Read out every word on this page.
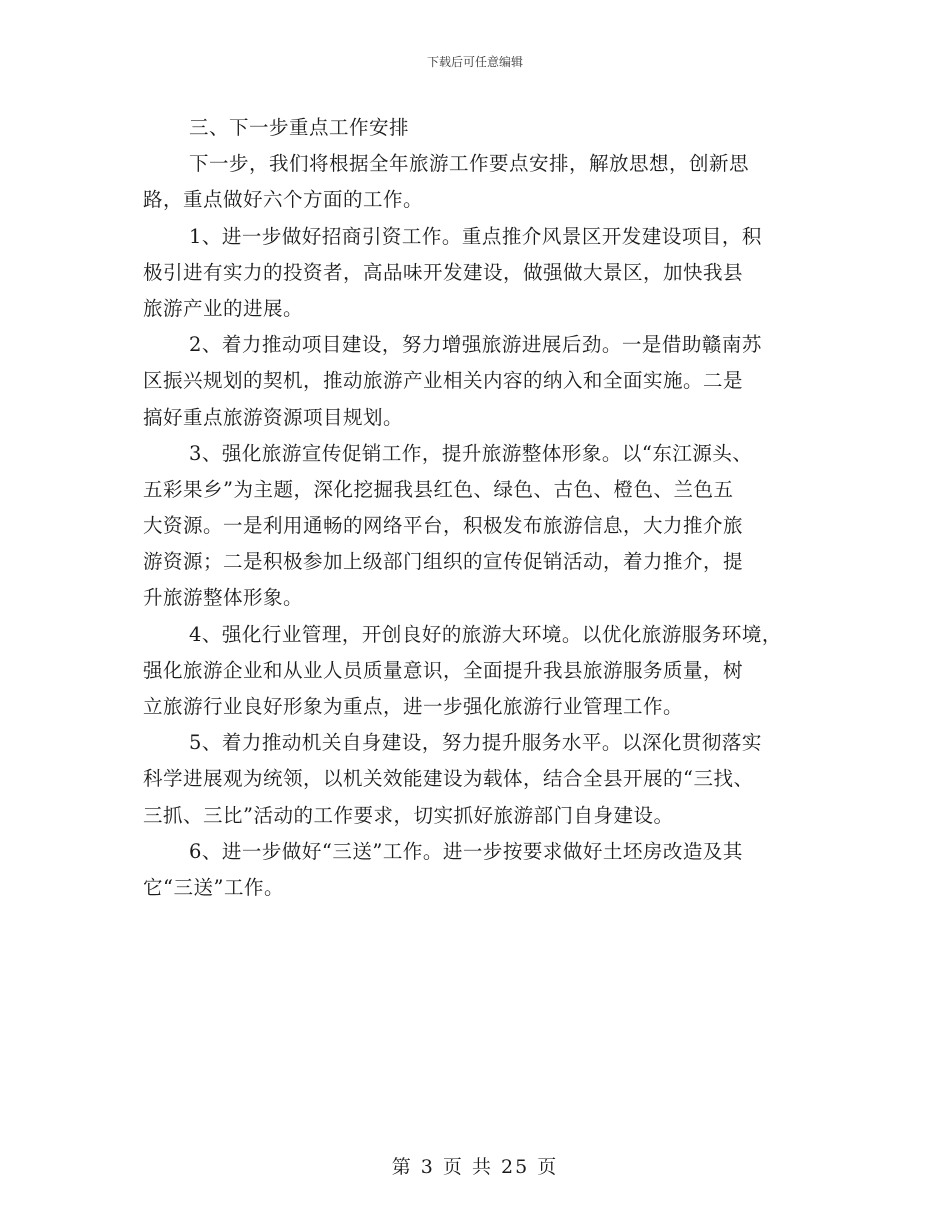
下载后可任意编辑
三、下一步重点工作安排
下一步，我们将根据全年旅游工作要点安排，解放思想，创新思
路，重点做好六个方面的工作。
1、进一步做好招商引资工作。重点推介风景区开发建设项目，积
极引进有实力的投资者，高品味开发建设，做强做大景区，加快我县
旅游产业的进展。
2、着力推动项目建设，努力增强旅游进展后劲。一是借助赣南苏
区振兴规划的契机，推动旅游产业相关内容的纳入和全面实施。二是
搞好重点旅游资源项目规划。
3、强化旅游宣传促销工作，提升旅游整体形象。以“东江源头、
五彩果乡”为主题，深化挖掘我县红色、绿色、古色、橙色、兰色五
大资源。一是利用通畅的网络平台，积极发布旅游信息，大力推介旅
游资源；二是积极参加上级部门组织的宣传促销活动，着力推介，提
升旅游整体形象。
4、强化行业管理，开创良好的旅游大环境。以优化旅游服务环境，
强化旅游企业和从业人员质量意识，全面提升我县旅游服务质量，树
立旅游行业良好形象为重点，进一步强化旅游行业管理工作。
5、着力推动机关自身建设，努力提升服务水平。以深化贯彻落实
科学进展观为统领，以机关效能建设为载体，结合全县开展的“三找、
三抓、三比”活动的工作要求，切实抓好旅游部门自身建设。
6、进一步做好“三送”工作。进一步按要求做好土坯房改造及其
它“三送”工作。
第 3 页 共 25 页
